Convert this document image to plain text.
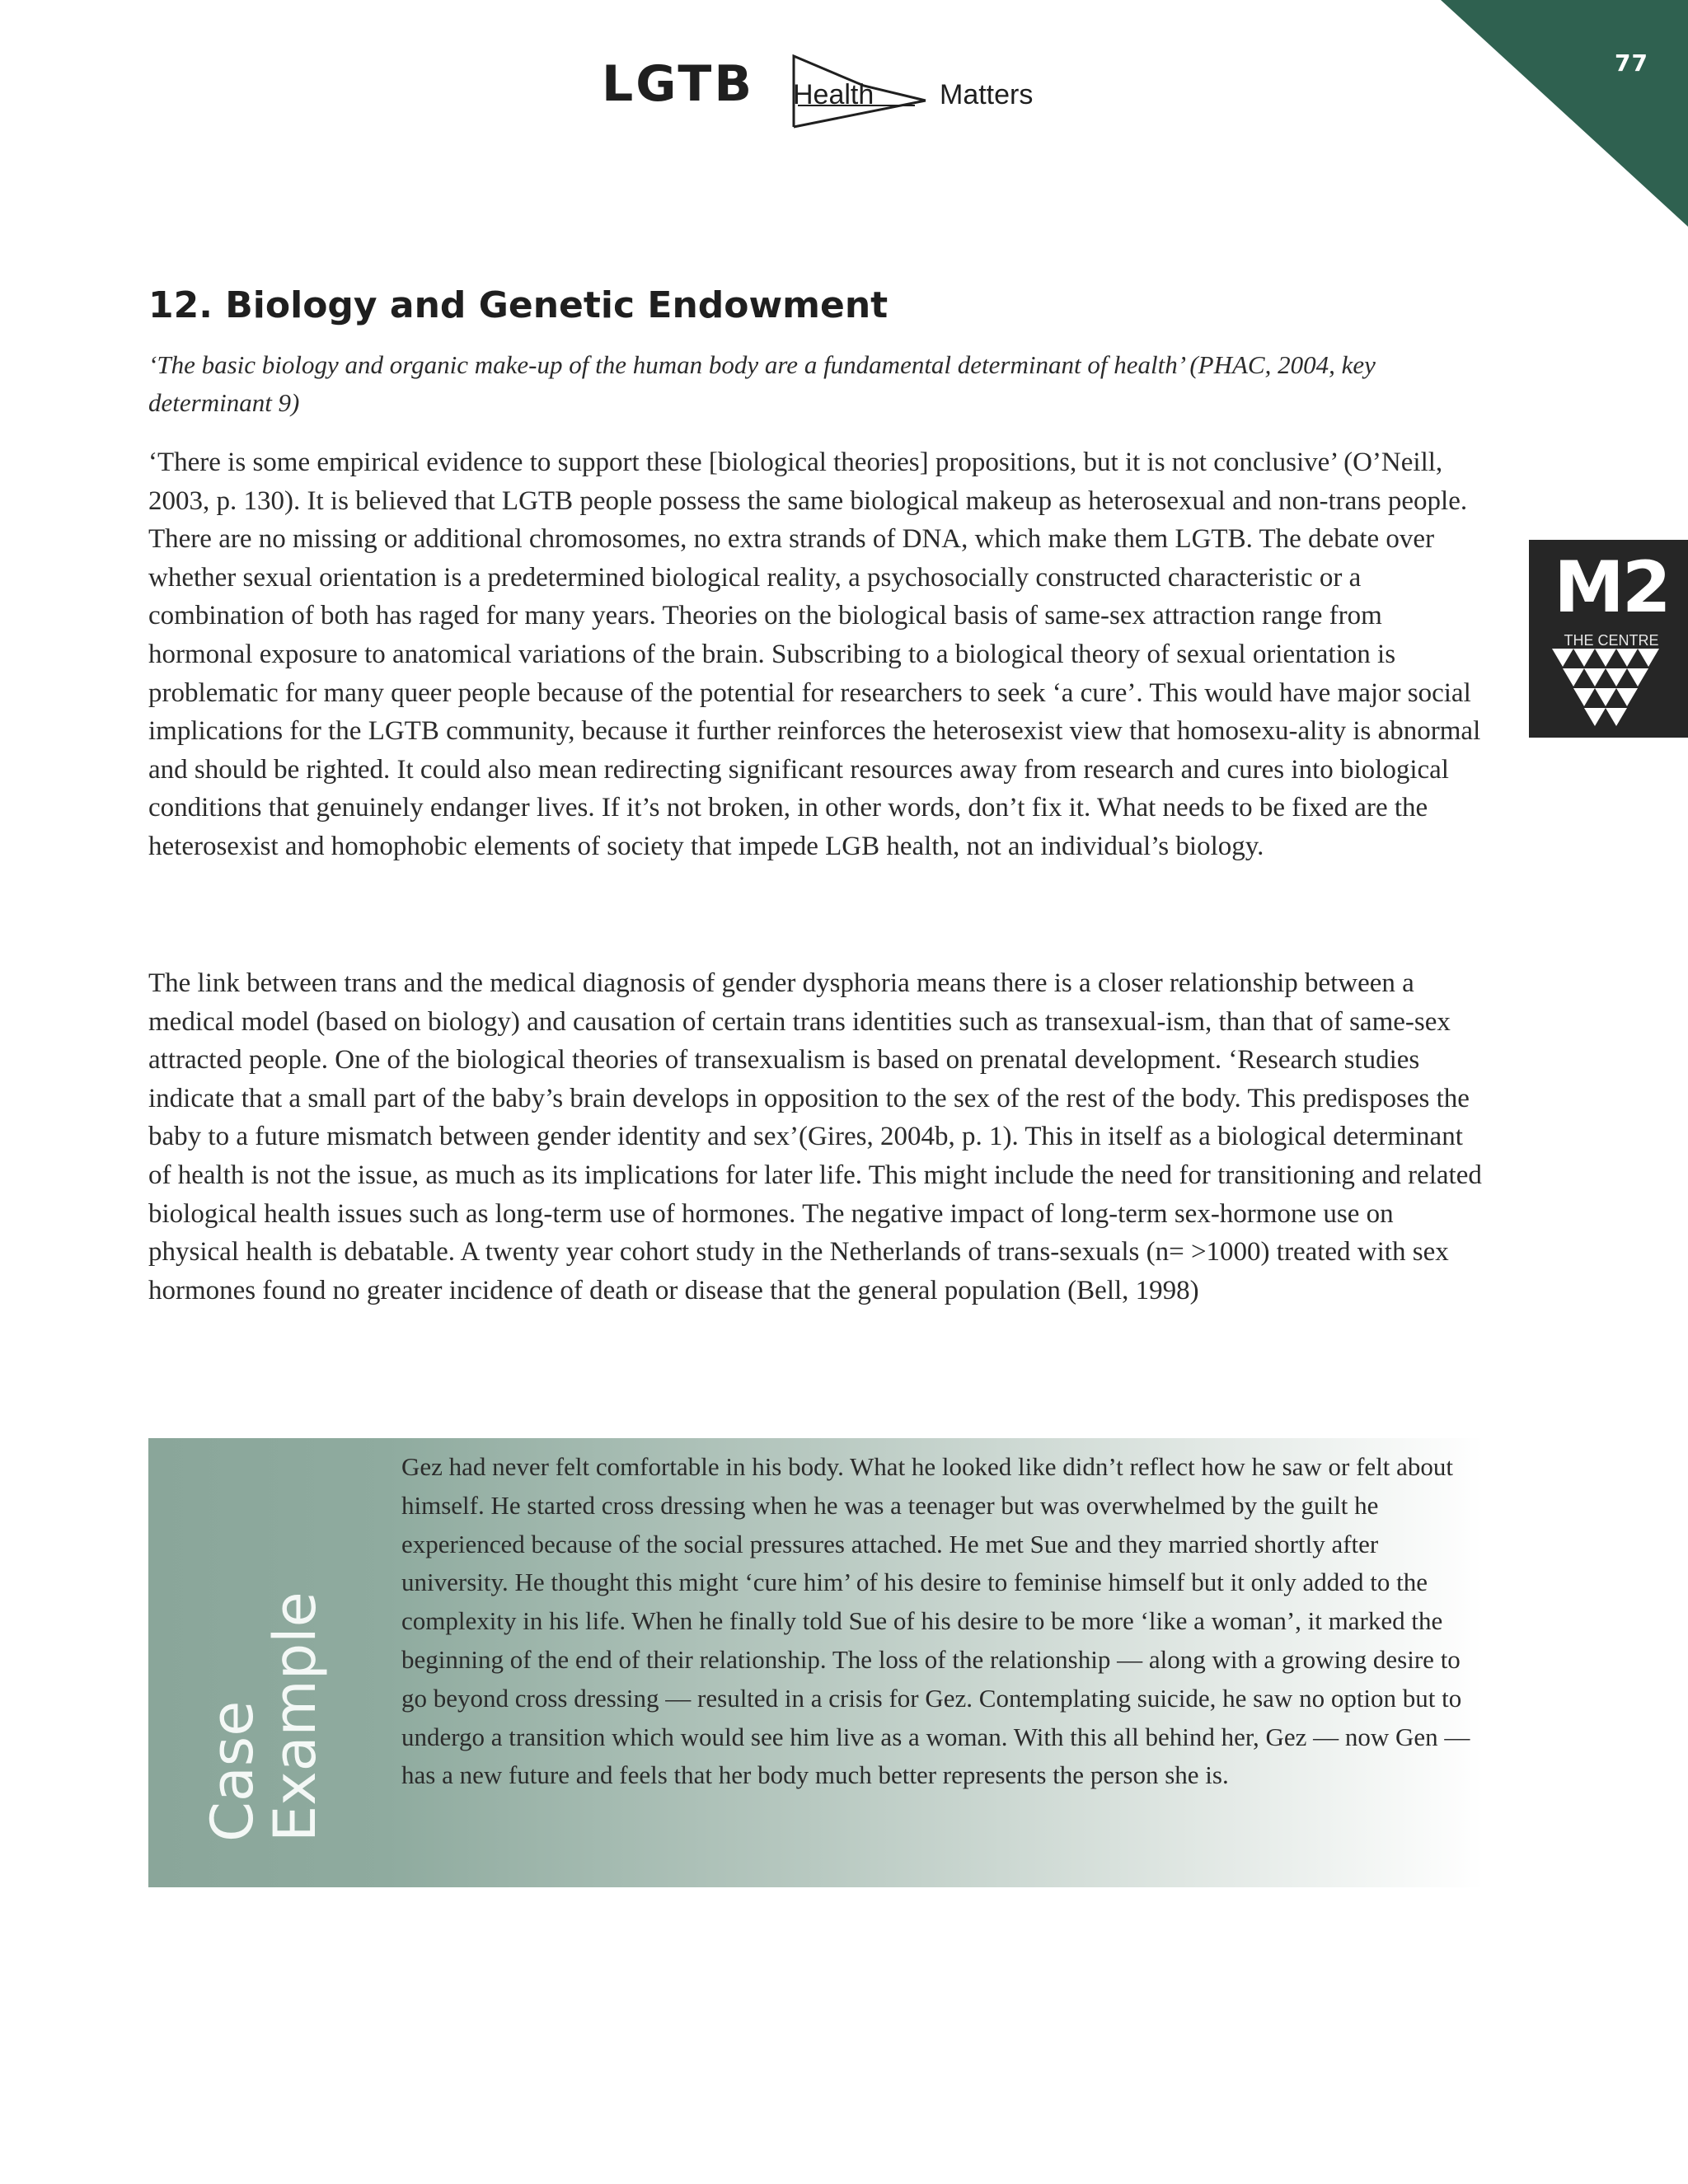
77
LGTB Health Matters
M2
THE CENTRE
12. Biology and Genetic Endowment

‘The basic biology and organic make-up of the human body are a fundamental determinant of health’ (PHAC, 2004, key determinant 9)

‘There is some empirical evidence to support these [biological theories] propositions, but it is not conclusive’ (O’Neill, 2003, p. 130). It is believed that LGTB people possess the same biological makeup as heterosexual and non-trans people. There are no missing or additional chromosomes, no extra strands of DNA, which make them LGTB. The debate over whether sexual orientation is a predetermined biological reality, a psychosocially constructed characteristic or a combination of both has raged for many years. Theories on the biological basis of same-sex attraction range from hormonal exposure to anatomical variations of the brain. Subscribing to a biological theory of sexual orientation is problematic for many queer people because of the potential for researchers to seek ‘a cure’. This would have major social implications for the LGTB community, because it further reinforces the heterosexist view that homosexu-ality is abnormal and should be righted. It could also mean redirecting significant resources away from research and cures into biological conditions that genuinely endanger lives. If it’s not broken, in other words, don’t fix it. What needs to be fixed are the heterosexist and homophobic elements of society that impede LGB health, not an individual’s biology.

The link between trans and the medical diagnosis of gender dysphoria means there is a closer relationship between a medical model (based on biology) and causation of certain trans identities such as transexual-ism, than that of same-sex attracted people. One of the biological theories of transexualism is based on prenatal development. ‘Research studies indicate that a small part of the baby’s brain develops in opposition to the sex of the rest of the body. This predisposes the baby to a future mismatch between gender identity and sex’(Gires, 2004b, p. 1). This in itself as a biological determinant of health is not the issue, as much as its implications for later life. This might include the need for transitioning and related biological health issues such as long-term use of hormones. The negative impact of long-term sex-hormone use on physical health is debatable. A twenty year cohort study in the Netherlands of trans-sexuals (n= >1000) treated with sex hormones found no greater incidence of death or disease that the general population (Bell, 1998)

Case
Example

Gez had never felt comfortable in his body. What he looked like didn’t reflect how he saw or felt about himself. He started cross dressing when he was a teenager but was overwhelmed by the guilt he experienced because of the social pressures attached. He met Sue and they married shortly after university. He thought this might ‘cure him’ of his desire to feminise himself but it only added to the complexity in his life. When he finally told Sue of his desire to be more ‘like a woman’, it marked the beginning of the end of their relationship. The loss of the relationship — along with a growing desire to go beyond cross dressing — resulted in a crisis for Gez. Contemplating suicide, he saw no option but to undergo a transition which would see him live as a woman. With this all behind her, Gez — now Gen — has a new future and feels that her body much better represents the person she is.
